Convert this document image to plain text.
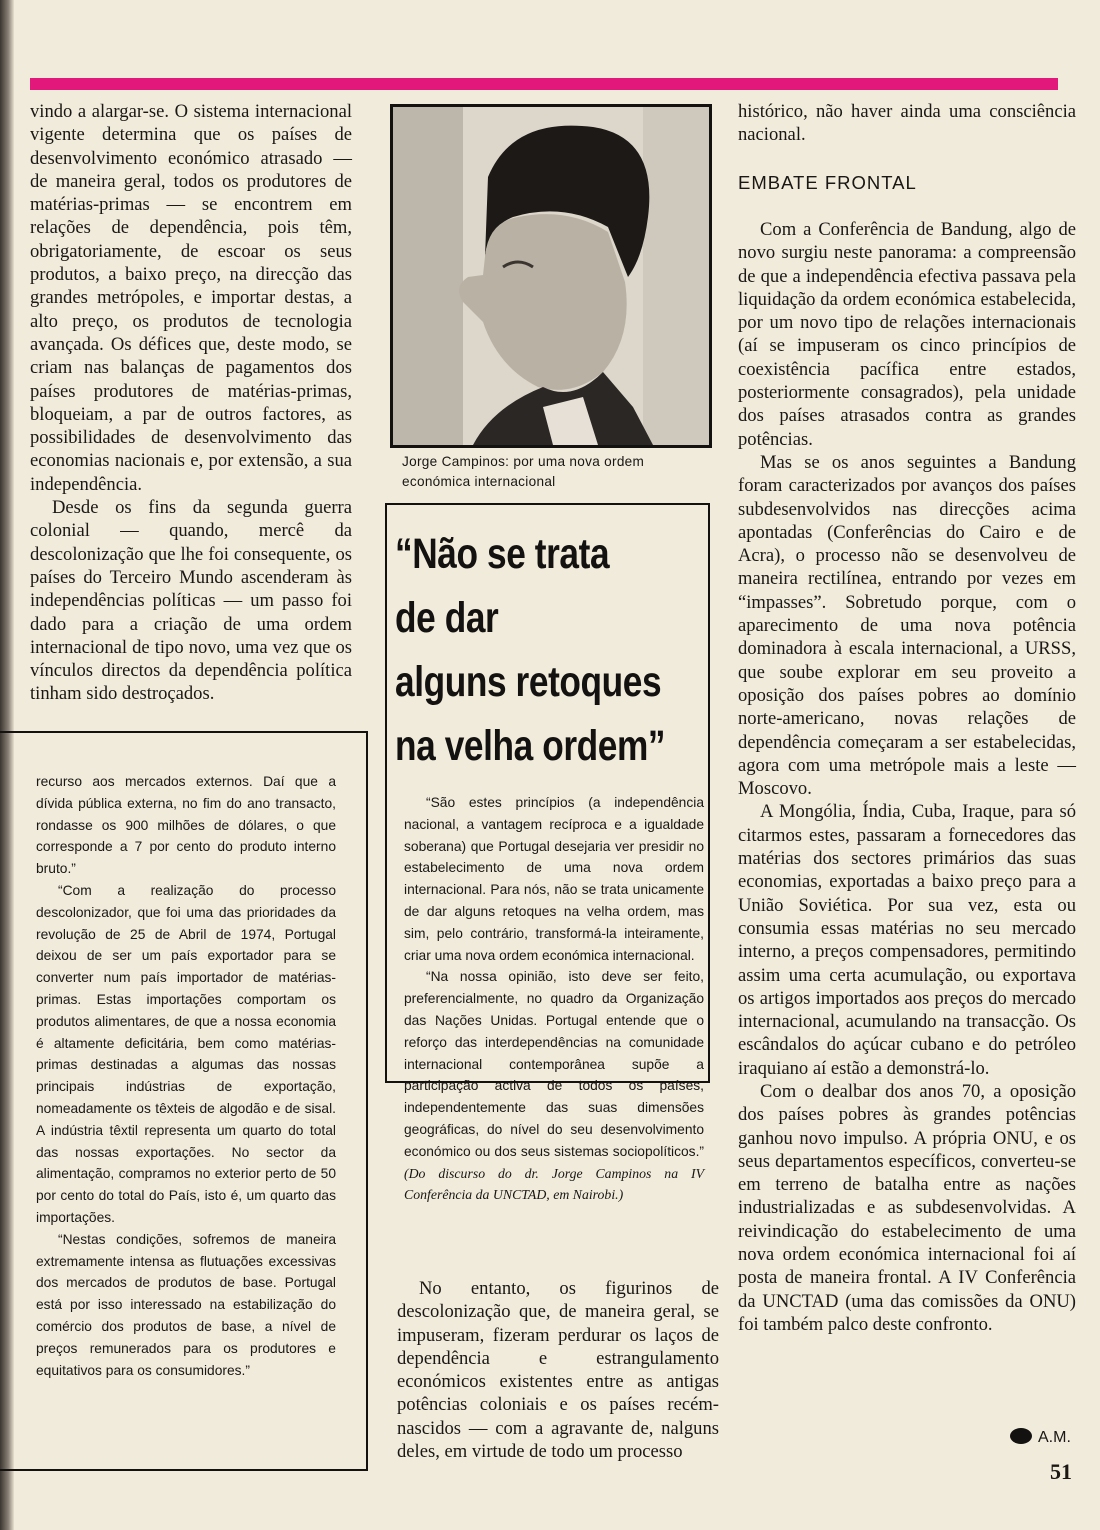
vindo a alargar-se. O sistema internacional vigente determina que os países de desenvolvimento económico atrasado — de maneira geral, todos os produtores de matérias-primas — se encontrem em relações de dependência, pois têm, obrigatoriamente, de escoar os seus produtos, a baixo preço, na direcção das grandes metrópoles, e importar destas, a alto preço, os produtos de tecnologia avançada. Os défices que, deste modo, se criam nas balanças de pagamentos dos países produtores de matérias-primas, bloqueiam, a par de outros factores, as possibilidades de desenvolvimento das economias nacionais e, por extensão, a sua independência.

Desde os fins da segunda guerra colonial — quando, mercê da descolonização que lhe foi consequente, os países do Terceiro Mundo ascenderam às independências políticas — um passo foi dado para a criação de uma ordem internacional de tipo novo, uma vez que os vínculos directos da dependência política tinham sido destroçados.

recurso aos mercados externos. Daí que a dívida pública externa, no fim do ano transacto, rondasse os 900 milhões de dólares, o que corresponde a 7 por cento do produto interno bruto.”

“Com a realização do processo descolonizador, que foi uma das prioridades da revolução de 25 de Abril de 1974, Portugal deixou de ser um país exportador para se converter num país importador de matérias-primas. Estas importações comportam os produtos alimentares, de que a nossa economia é altamente deficitária, bem como matérias-primas destinadas a algumas das nossas principais indústrias de exportação, nomeadamente os têxteis de algodão e de sisal. A indústria têxtil representa um quarto do total das nossas exportações. No sector da alimentação, compramos no exterior perto de 50 por cento do total do País, isto é, um quarto das importações.

“Nestas condições, sofremos de maneira extremamente intensa as flutuações excessivas dos mercados de produtos de base. Portugal está por isso interessado na estabilização do comércio dos produtos de base, a nível de preços remunerados para os produtores e equitativos para os consumidores.”

Jorge Campinos: por uma nova ordem económica internacional
“Não se trata
de dar
alguns retoques
na velha ordem”

“São estes princípios (a independência nacional, a vantagem recíproca e a igualdade soberana) que Portugal desejaria ver presidir no estabelecimento de uma nova ordem internacional. Para nós, não se trata unicamente de dar alguns retoques na velha ordem, mas sim, pelo contrário, transformá-la inteiramente, criar uma nova ordem económica internacional.

“Na nossa opinião, isto deve ser feito, preferencialmente, no quadro da Organização das Nações Unidas. Portugal entende que o reforço das interdependências na comunidade internacional contemporânea supõe a participação activa de todos os países, independentemente das suas dimensões geográficas, do nível do seu desenvolvimento económico ou dos seus sistemas sociopolíticos.” (Do discurso do dr. Jorge Campinos na IV Conferência da UNCTAD, em Nairobi.)

No entanto, os figurinos de descolonização que, de maneira geral, se impuseram, fizeram perdurar os laços de dependência e estrangulamento económicos existentes entre as antigas potências coloniais e os países recém-nascidos — com a agravante de, nalguns deles, em virtude de todo um processo

histórico, não haver ainda uma consciência nacional.

EMBATE FRONTAL

Com a Conferência de Bandung, algo de novo surgiu neste panorama: a compreensão de que a independência efectiva passava pela liquidação da ordem económica estabelecida, por um novo tipo de relações internacionais (aí se impuseram os cinco princípios de coexistência pacífica entre estados, posteriormente consagrados), pela unidade dos países atrasados contra as grandes potências.

Mas se os anos seguintes a Bandung foram caracterizados por avanços dos países subdesenvolvidos nas direcções acima apontadas (Conferências do Cairo e de Acra), o processo não se desenvolveu de maneira rectilínea, entrando por vezes em “impasses”. Sobretudo porque, com o aparecimento de uma nova potência dominadora à escala internacional, a URSS, que soube explorar em seu proveito a oposição dos países pobres ao domínio norte-americano, novas relações de dependência começaram a ser estabelecidas, agora com uma metrópole mais a leste — Moscovo.

A Mongólia, Índia, Cuba, Iraque, para só citarmos estes, passaram a fornecedores das matérias dos sectores primários das suas economias, exportadas a baixo preço para a União Soviética. Por sua vez, esta ou consumia essas matérias no seu mercado interno, a preços compensadores, permitindo assim uma certa acumulação, ou exportava os artigos importados aos preços do mercado internacional, acumulando na transacção. Os escândalos do açúcar cubano e do petróleo iraquiano aí estão a demonstrá-lo.

Com o dealbar dos anos 70, a oposição dos países pobres às grandes potências ganhou novo impulso. A própria ONU, e os seus departamentos específicos, converteu-se em terreno de batalha entre as nações industrializadas e as subdesenvolvidas. A reivindicação do estabelecimento de uma nova ordem económica internacional foi aí posta de maneira frontal. A IV Conferência da UNCTAD (uma das comissões da ONU) foi também palco deste confronto.

A.M.
51
